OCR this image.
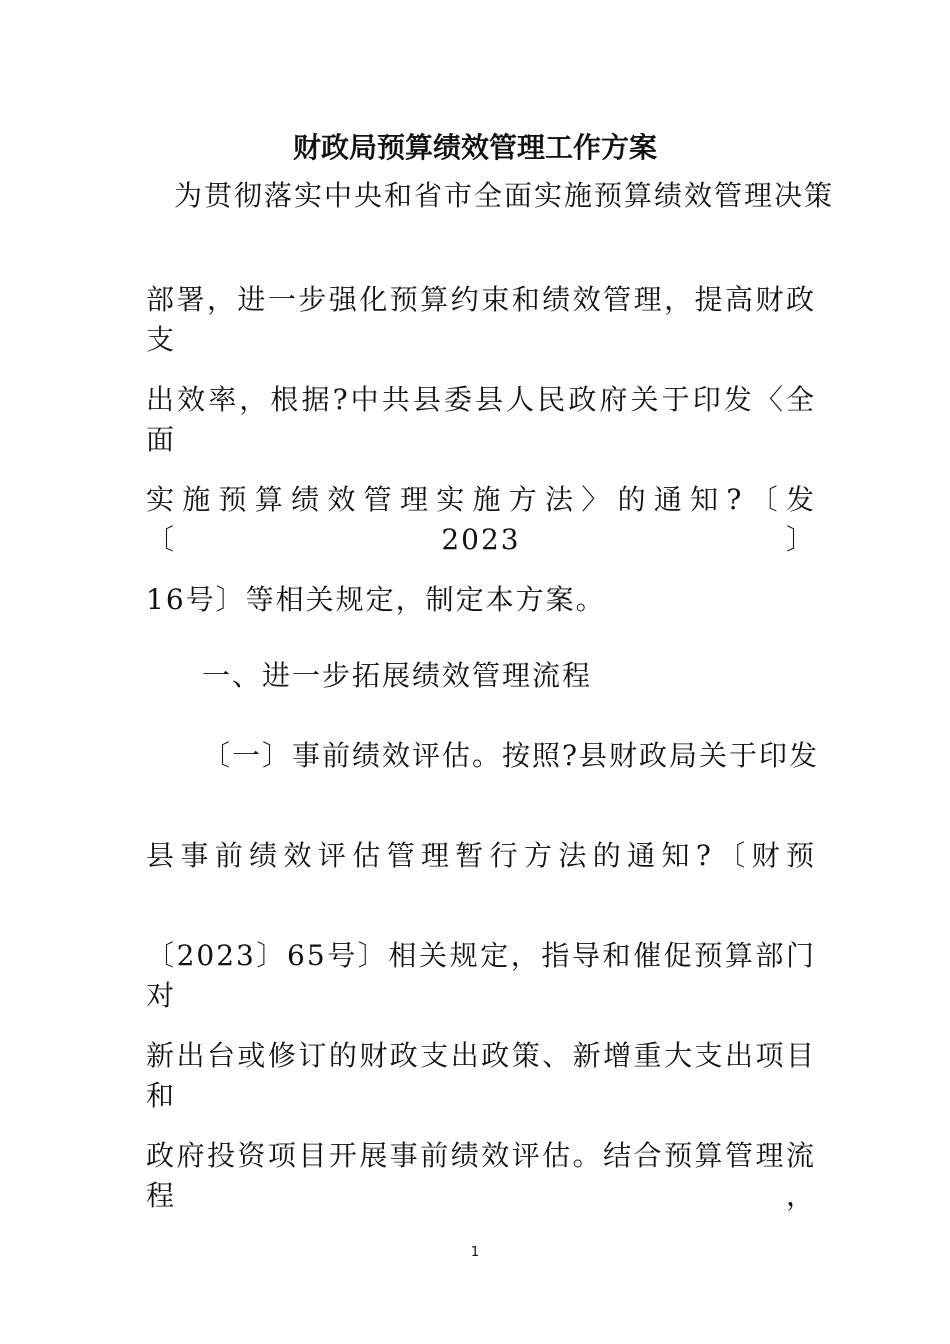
财政局预算绩效管理工作方案
为贯彻落实中央和省市全面实施预算绩效管理决策
部署，进一步强化预算约束和绩效管理，提高财政支
出效率，根据?中共县委县人民政府关于印发〈全面
实施预算绩效管理实施方法〉的通知?〔发〔2023〕
16号〕等相关规定，制定本方案。
一、进一步拓展绩效管理流程
〔一〕事前绩效评估。按照?县财政局关于印发
县事前绩效评估管理暂行方法的通知?〔财预
〔2023〕65号〕相关规定，指导和催促预算部门对
新出台或修订的财政支出政策、新增重大支出项目和
政府投资项目开展事前绩效评估。结合预算管理流程，
1
